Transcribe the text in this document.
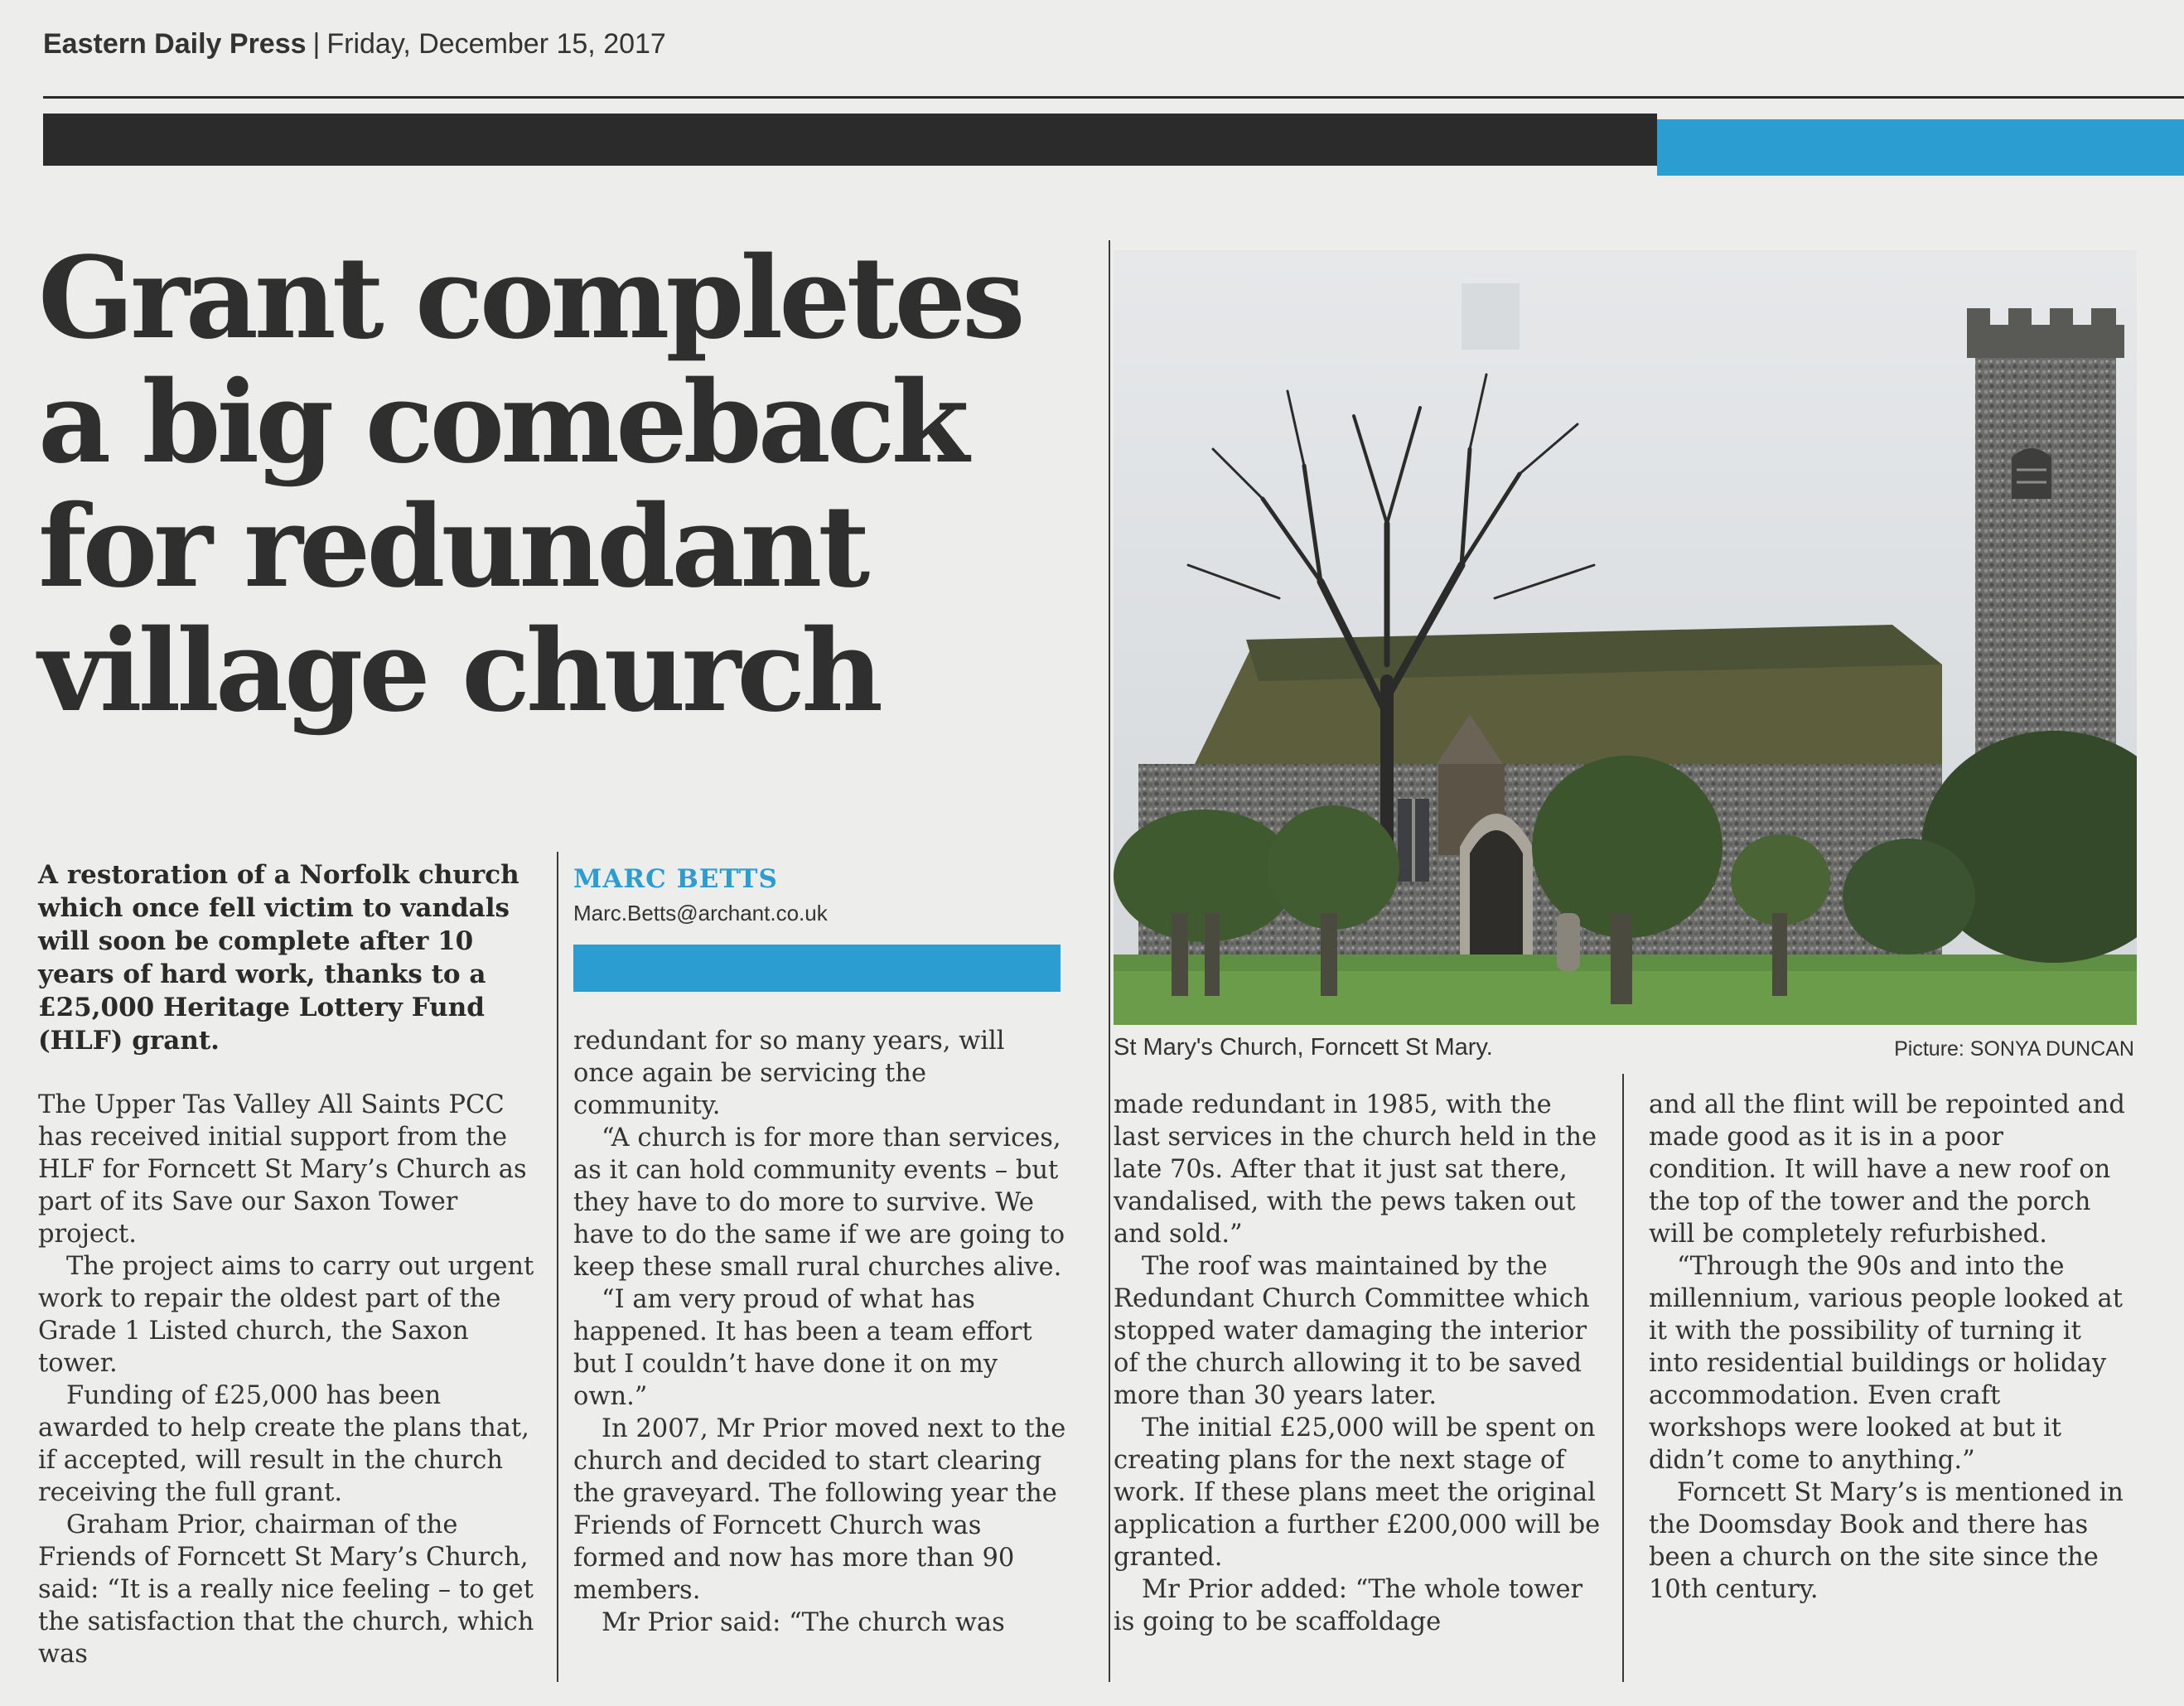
Eastern Daily Press | Friday, December 15, 2017
Grant completes a big comeback for redundant village church

A restoration of a Norfolk church which once fell victim to vandals will soon be complete after 10 years of hard work, thanks to a £25,000 Heritage Lottery Fund (HLF) grant.

MARC BETTS
Marc.Betts@archant.co.uk

The Upper Tas Valley All Saints PCC has received initial support from the HLF for Forncett St Mary’s Church as part of its Save our Saxon Tower project.

The project aims to carry out urgent work to repair the oldest part of the Grade 1 Listed church, the Saxon tower.

Funding of £25,000 has been awarded to help create the plans that, if accepted, will result in the church receiving the full grant.

Graham Prior, chairman of the Friends of Forncett St Mary’s Church, said: “It is a really nice feeling – to get the satisfaction that the church, which was

redundant for so many years, will once again be servicing the community.

“A church is for more than services, as it can hold community events – but they have to do more to survive. We have to do the same if we are going to keep these small rural churches alive.

“I am very proud of what has happened. It has been a team effort but I couldn’t have done it on my own.”

In 2007, Mr Prior moved next to the church and decided to start clearing the graveyard. The following year the Friends of Forncett Church was formed and now has more than 90 members.

Mr Prior said: “The church was

St Mary's Church, Forncett St Mary.	Picture: SONYA DUNCAN

made redundant in 1985, with the last services in the church held in the late 70s. After that it just sat there, vandalised, with the pews taken out and sold.”

The roof was maintained by the Redundant Church Committee which stopped water damaging the interior of the church allowing it to be saved more than 30 years later.

The initial £25,000 will be spent on creating plans for the next stage of work. If these plans meet the original application a further £200,000 will be granted.

Mr Prior added: “The whole tower is going to be scaffoldage

and all the flint will be repointed and made good as it is in a poor condition. It will have a new roof on the top of the tower and the porch will be completely refurbished.

“Through the 90s and into the millennium, various people looked at it with the possibility of turning it into residential buildings or holiday accommodation. Even craft workshops were looked at but it didn’t come to anything.”

Forncett St Mary’s is mentioned in the Doomsday Book and there has been a church on the site since the 10th century.
